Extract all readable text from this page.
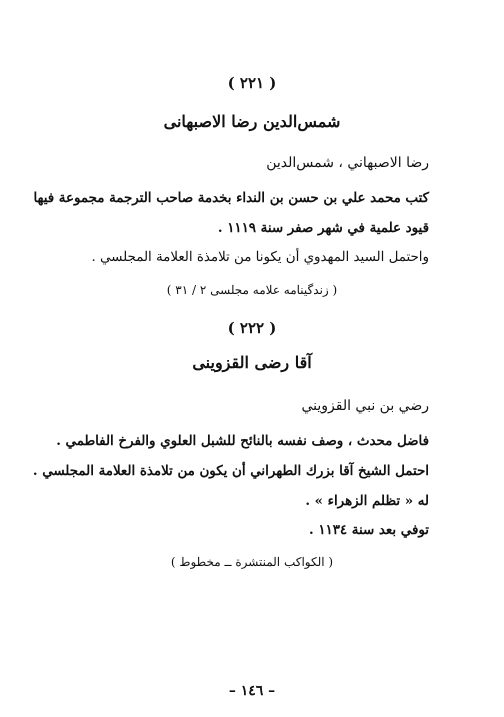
( ٢٢١ )
شمس‌الدين رضا الاصبهانى
رضا الاصبهاني ، شمس‌الدين
كتب محمد علي بن حسن بن النداء بخدمة صاحب الترجمة مجموعة فيها
قيود علمية في شهر صفر سنة ١١١٩ .
واحتمل السيد المهدوي أن يكونا من تلامذة العلامة المجلسي .
( زندگينامه علامه مجلسى ٢ / ٣١ )
( ٢٢٢ )
آقا رضى القزوينى
رضي بن نبي القزويني
فاضل محدث ، وصف نفسه بالنائح للشبل العلوي والفرخ الفاطمي .
احتمل الشيخ آقا بزرك الطهراني أن يكون من تلامذة العلامة المجلسي .
له « تظلم الزهراء » .
توفي بعد سنة ١١٣٤ .
( الكواكب المنتشرة ــ مخطوط )
– ١٤٦ –
